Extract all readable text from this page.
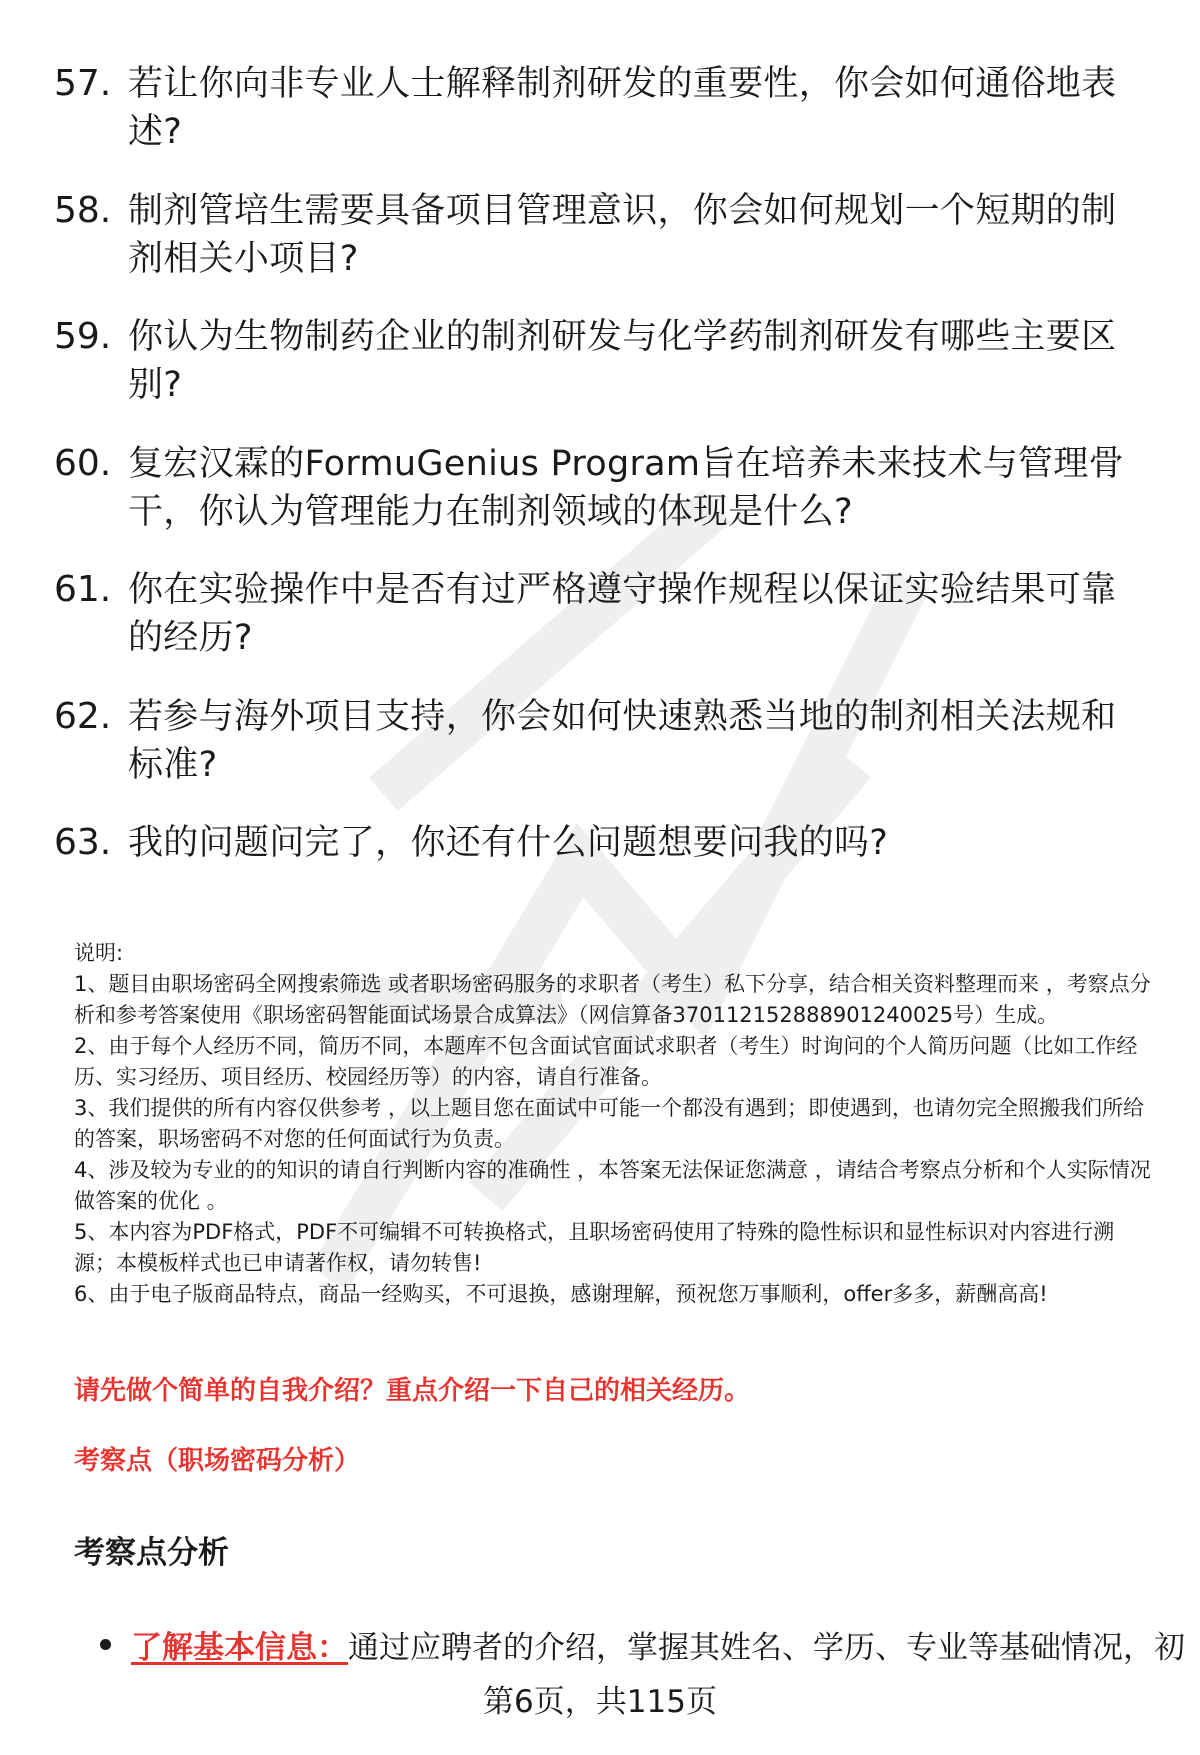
57. 若让你向非专业人士解释制剂研发的重要性，你会如何通俗地表述?
58. 制剂管培生需要具备项目管理意识，你会如何规划一个短期的制剂相关小项目?
59. 你认为生物制药企业的制剂研发与化学药制剂研发有哪些主要区别?
60. 复宏汉霖的FormuGenius Program旨在培养未来技术与管理骨干，你认为管理能力在制剂领域的体现是什么?
61. 你在实验操作中是否有过严格遵守操作规程以保证实验结果可靠的经历?
62. 若参与海外项目支持，你会如何快速熟悉当地的制剂相关法规和标准?
63. 我的问题问完了，你还有什么问题想要问我的吗?

说明:

1、题目由职场密码全网搜索筛选 或者职场密码服务的求职者（考生）私下分享，结合相关资料整理而来 ，考察点分析和参考答案使用《职场密码智能面试场景合成算法》（网信算备370112152888901240025号）生成。

2、由于每个人经历不同，简历不同，本题库不包含面试官面试求职者（考生）时询问的个人简历问题（比如工作经历、实习经历、项目经历、校园经历等）的内容，请自行准备。

3、我们提供的所有内容仅供参考 ，以上题目您在面试中可能一个都没有遇到；即使遇到，也请勿完全照搬我们所给的答案，职场密码不对您的任何面试行为负责。

4、涉及较为专业的的知识的请自行判断内容的准确性 ，本答案无法保证您满意 ，请结合考察点分析和个人实际情况做答案的优化 。

5、本内容为PDF格式，PDF不可编辑不可转换格式，且职场密码使用了特殊的隐性标识和显性标识对内容进行溯源；本模板样式也已申请著作权，请勿转售!

6、由于电子版商品特点，商品一经购买，不可退换，感谢理解，预祝您万事顺利，offer多多，薪酬高高!

请先做个简单的自我介绍？重点介绍一下自己的相关经历。
考察点（职场密码分析）
考察点分析
了解基本信息： 通过应聘者的介绍，掌握其姓名、学历、专业等基础情况，初
第6页，共115页
